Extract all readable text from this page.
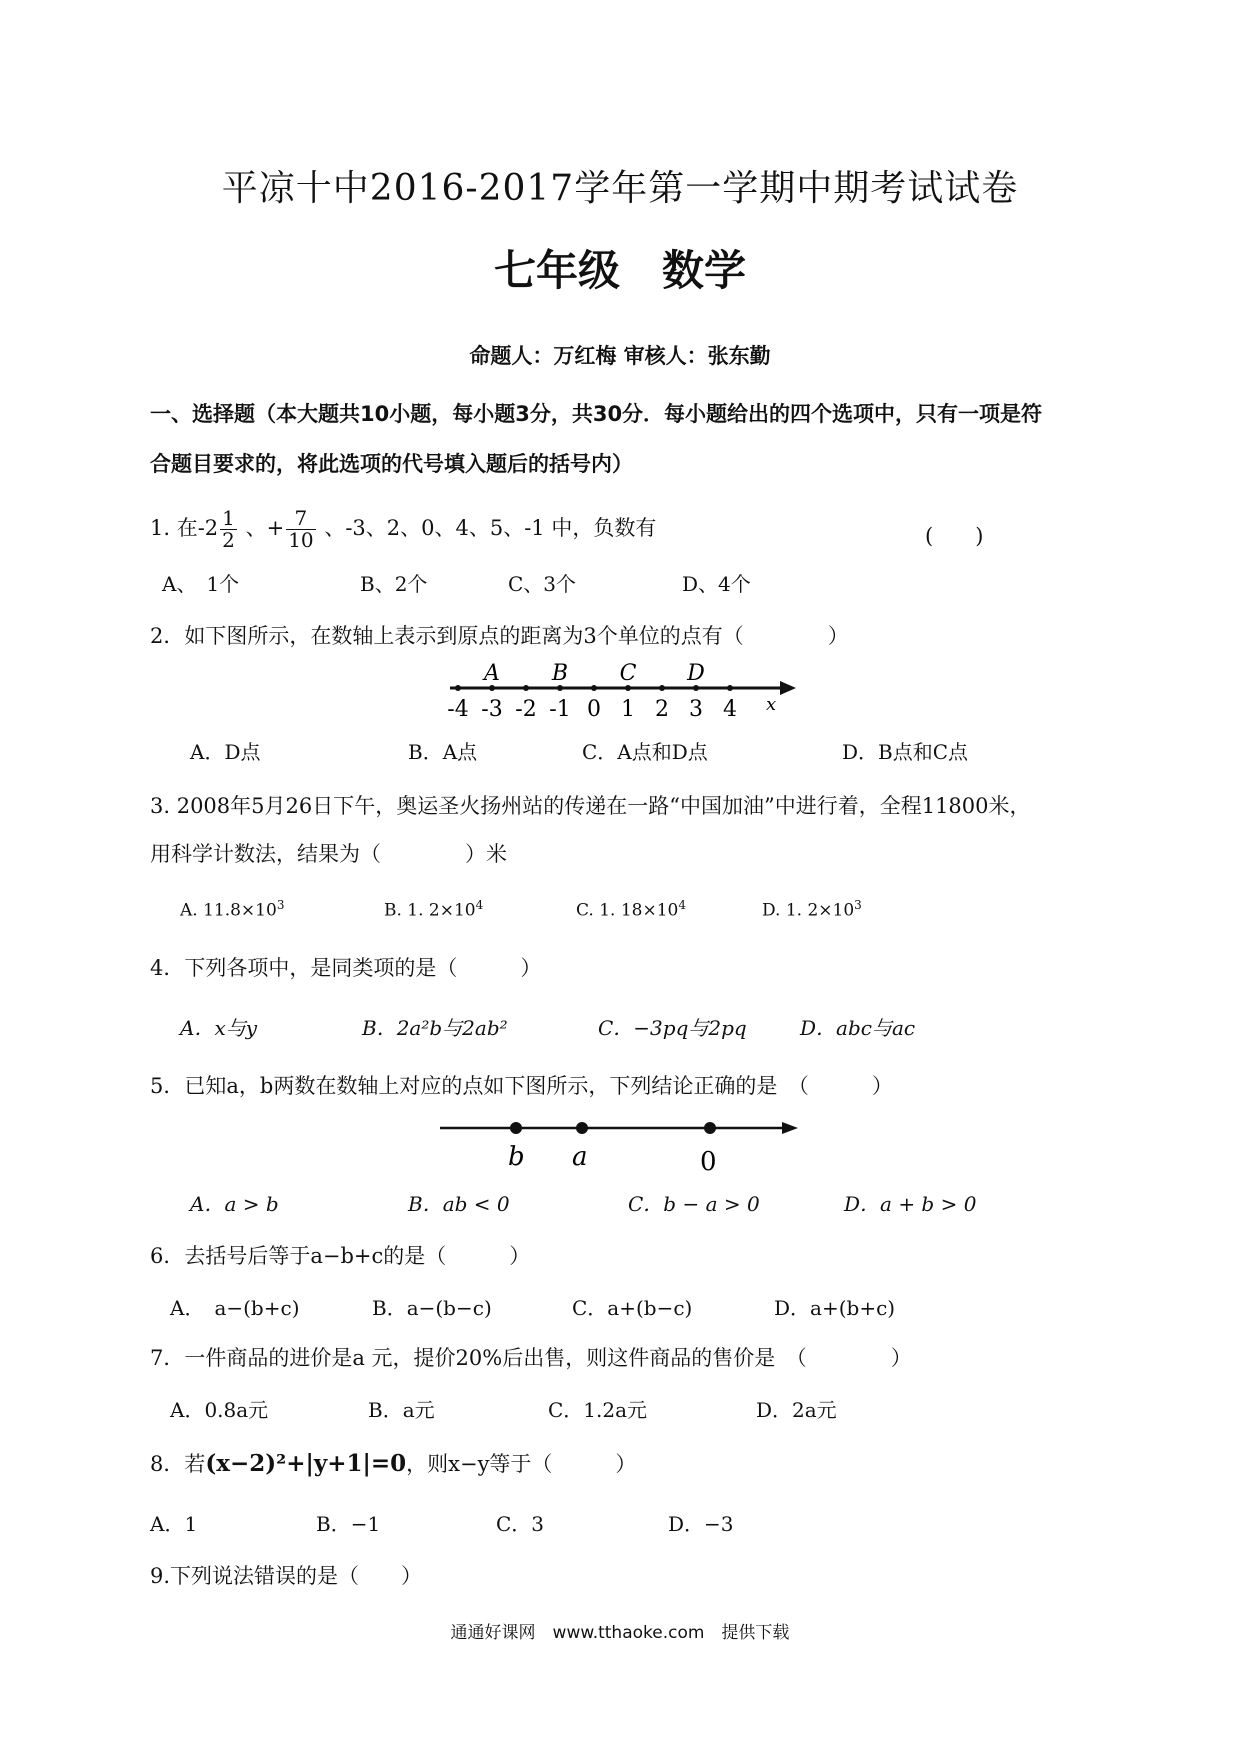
平凉十中2016-2017学年第一学期中期考试试卷
七年级　数学
命题人：万红梅 审核人：张东勤
一、选择题（本大题共10小题，每小题3分，共30分．每小题给出的四个选项中，只有一项是符
合题目要求的，将此选项的代号填入题后的括号内）
1. 在$-2 \frac{1}{2}$ 、+ $\frac{7}{10}$ 、-3、2、0、4、5、-1 中，负数有	(　　)
A、　1个	B、2个	C、3个	D、4个
2．如下图所示，在数轴上表示到原点的距离为3个单位的点有（　　　　）
-4 -3 -2 -1 0 1 2 3 4
A B C D
x
A．D点	B．A点	C．A点和D点	D．B点和C点
3. 2008年5月26日下午，奥运圣火扬州站的传递在一路“中国加油”中进行着，全程11800米，
用科学计数法，结果为（　　　　）米
A. $11.8\times 10^3$	B. 1. $2\times 10^4$	C. 1. $18\times 10^4$	D. 1. $2\times 10^3$
4．下列各项中，是同类项的是（　　　）
A．x与y	B．2a²b与2ab²	C．−3pq与2pq	D．abc与ac
5．已知a，b两数在数轴上对应的点如下图所示，下列结论正确的是　（　　　）
b a	0
A．a > b	B．ab < 0	C．b − a > 0	D．a + b > 0
6．去括号后等于a−b+c的是（　　　）
A．　a−(b+c)	B．a−(b−c)	C．a+(b−c)	D．a+(b+c)
7．一件商品的进价是a 元，提价20%后出售，则这件商品的售价是　（　　　　）
A．0.8a元	B．a元	C．1.2a元	D．2a元
8．若(x−2)²+|y+1|=0，则x−y等于（　　　）
A．1	B．−1	C．3	D．−3
9.下列说法错误的是（　　）
通通好课网　www.tthaoke.com　提供下载
